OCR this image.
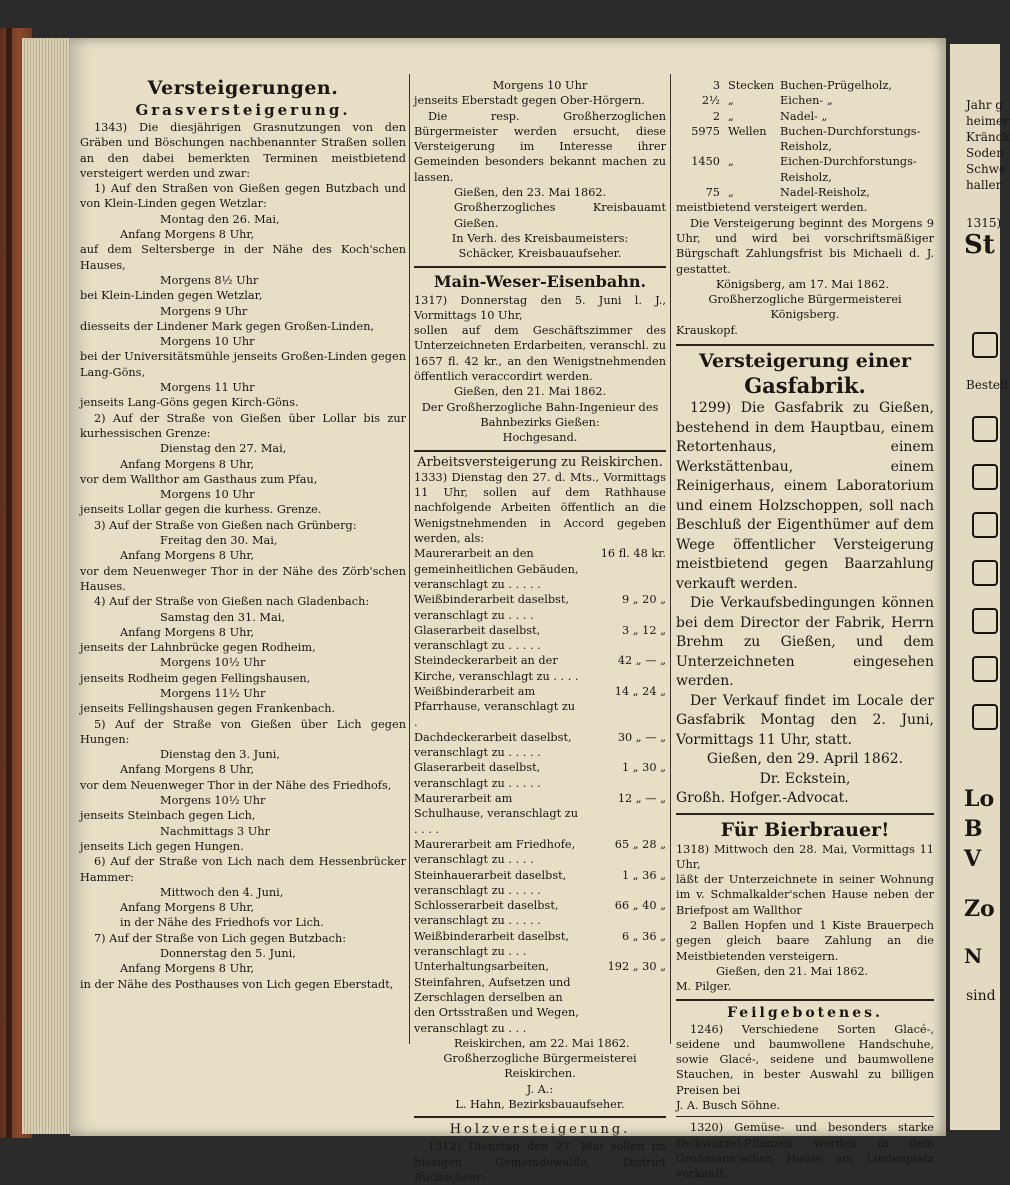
Versteigerungen.
Grasversteigerung.

1343) Die diesjährigen Grasnutzungen von den Gräben und Böschungen nachbenannter Straßen sollen an den dabei bemerkten Terminen meistbietend versteigert werden und zwar:

1) Auf den Straßen von Gießen gegen Butzbach und von Klein-Linden gegen Wetzlar:

Montag den 26. Mai,

Anfang Morgens 8 Uhr,

auf dem Seltersberge in der Nähe des Koch'schen Hauses,

Morgens 8½ Uhr

bei Klein-Linden gegen Wetzlar,

Morgens 9 Uhr

diesseits der Lindener Mark gegen Großen-Linden,

Morgens 10 Uhr

bei der Universitätsmühle jenseits Großen-Linden gegen Lang-Göns,

Morgens 11 Uhr

jenseits Lang-Göns gegen Kirch-Göns.

2) Auf der Straße von Gießen über Lollar bis zur kurhessischen Grenze:

Dienstag den 27. Mai,

Anfang Morgens 8 Uhr,

vor dem Wallthor am Gasthaus zum Pfau,

Morgens 10 Uhr

jenseits Lollar gegen die kurhess. Grenze.

3) Auf der Straße von Gießen nach Grünberg:

Freitag den 30. Mai,

Anfang Morgens 8 Uhr,

vor dem Neuenweger Thor in der Nähe des Zörb'schen Hauses.

4) Auf der Straße von Gießen nach Gladenbach:

Samstag den 31. Mai,

Anfang Morgens 8 Uhr,

jenseits der Lahnbrücke gegen Rodheim,

Morgens 10½ Uhr

jenseits Rodheim gegen Fellingshausen,

Morgens 11½ Uhr

jenseits Fellingshausen gegen Frankenbach.

5) Auf der Straße von Gießen über Lich gegen Hungen:

Dienstag den 3. Juni,

Anfang Morgens 8 Uhr,

vor dem Neuenweger Thor in der Nähe des Friedhofs,

Morgens 10½ Uhr

jenseits Steinbach gegen Lich,

Nachmittags 3 Uhr

jenseits Lich gegen Hungen.

6) Auf der Straße von Lich nach dem Hessenbrücker Hammer:

Mittwoch den 4. Juni,

Anfang Morgens 8 Uhr,

in der Nähe des Friedhofs vor Lich.

7) Auf der Straße von Lich gegen Butzbach:

Donnerstag den 5. Juni,

Anfang Morgens 8 Uhr,

in der Nähe des Posthauses von Lich gegen Eberstadt,

Morgens 10 Uhr

jenseits Eberstadt gegen Ober-Hörgern.

Die resp. Großherzoglichen Bürgermeister werden ersucht, diese Versteigerung im Interesse ihrer Gemeinden besonders bekannt machen zu lassen.

Gießen, den 23. Mai 1862.

Großherzogliches Kreisbauamt Gießen.

In Verh. des Kreisbaumeisters:

Schäcker, Kreisbauaufseher.

Main-Weser-Eisenbahn.

1317) Donnerstag den 5. Juni l. J., Vormittags 10 Uhr,

sollen auf dem Geschäftszimmer des Unterzeichneten Erdarbeiten, veranschl. zu 1657 fl. 42 kr., an den Wenigstnehmenden öffentlich veraccordirt werden.

Gießen, den 21. Mai 1862.

Der Großherzogliche Bahn-Ingenieur des Bahnbezirks Gießen:

Hochgesand.

Arbeitsversteigerung zu Reiskirchen.

1333) Dienstag den 27. d. Mts., Vormittags 11 Uhr, sollen auf dem Rathhause nachfolgende Arbeiten öffentlich an die Wenigstnehmenden in Accord gegeben werden, als:

Maurerarbeit an den gemeinheitlichen Gebäuden, veranschlagt zu . . . . .
16 fl. 48 kr.
Weißbinderarbeit daselbst, veranschlagt zu . . . .
9 „ 20 „
Glaserarbeit daselbst, veranschlagt zu . . . . .
3 „ 12 „
Steindeckerarbeit an der Kirche, veranschlagt zu . . . .
42 „ — „
Weißbinderarbeit am Pfarrhause, veranschlagt zu .
14 „ 24 „
Dachdeckerarbeit daselbst, veranschlagt zu . . . . .
30 „ — „
Glaserarbeit daselbst, veranschlagt zu . . . . .
1 „ 30 „
Maurerarbeit am Schulhause, veranschlagt zu . . . .
12 „ — „
Maurerarbeit am Friedhofe, veranschlagt zu . . . .
65 „ 28 „
Steinhauerarbeit daselbst, veranschlagt zu . . . . .
1 „ 36 „
Schlosserarbeit daselbst, veranschlagt zu . . . . .
66 „ 40 „
Weißbinderarbeit daselbst, veranschlagt zu . . .
6 „ 36 „
Unterhaltungsarbeiten, Steinfahren, Aufsetzen und Zerschlagen derselben an den Ortsstraßen und Wegen, veranschlagt zu . . .
192 „ 30 „

Reiskirchen, am 22. Mai 1862.

Großherzogliche Bürgermeisterei Reiskirchen.

J. A.:

L. Hahn, Bezirksbauaufseher.

Holzversteigerung.

1312) Dienstag den 27. Mai sollen im hiesigen Gemeindewalde, District Buchscheer:

3 Stecken Buchen-Prügelholz,
2½ „	Eichen- „
2 „	Nadel- „
5975 Wellen	Buchen-Durchforstungs-Reisholz,
1450 „	Eichen-Durchforstungs-Reisholz,
75 „	Nadel-Reisholz,

meistbietend versteigert werden.

Die Versteigerung beginnt des Morgens 9 Uhr, und wird bei vorschriftsmäßiger Bürgschaft Zahlungsfrist bis Michaeli d. J. gestattet.

Königsberg, am 17. Mai 1862.

Großherzogliche Bürgermeisterei Königsberg.

Krauskopf.

Versteigerung einer
Gasfabrik.

1299) Die Gasfabrik zu Gießen, bestehend in dem Hauptbau, einem Retortenhaus, einem Werkstättenbau, einem Reinigerhaus, einem Laboratorium und einem Holzschoppen, soll nach Beschluß der Eigenthümer auf dem Wege öffentlicher Versteigerung meistbietend gegen Baarzahlung verkauft werden.

Die Verkaufsbedingungen können bei dem Director der Fabrik, Herrn Brehm zu Gießen, und dem Unterzeichneten eingesehen werden.

Der Verkauf findet im Locale der Gasfabrik Montag den 2. Juni, Vormittags 11 Uhr, statt.

Gießen, den 29. April 1862.

Dr. Eckstein,

Großh. Hofger.-Advocat.

Für Bierbrauer!

1318) Mittwoch den 28. Mai, Vormittags 11 Uhr,

läßt der Unterzeichnete in seiner Wohnung im v. Schmalkalder'schen Hause neben der Briefpost am Wallthor

2 Ballen Hopfen und 1 Kiste Brauerpech gegen gleich baare Zahlung an die Meistbietenden versteigern.

Gießen, den 21. Mai 1862.

M. Pilger.

Feilgebotenes.

1246) Verschiedene Sorten Glacé-, seidene und baumwollene Handschuhe, sowie Glacé-, seidene und baumwollene Stauchen, in bester Auswahl zu billigen Preisen bei

J. A. Busch Söhne.

1320) Gemüse- und besonders starke Dickwurzel-Pflanzen werden in dem Großmann'schen Hause am Lindenplatz verkauft.

Jahr g
heimer
Kränck
Soden
Schwe
haller
1315)
St
Bestell
Lo
B
V
Zo
N
sind
